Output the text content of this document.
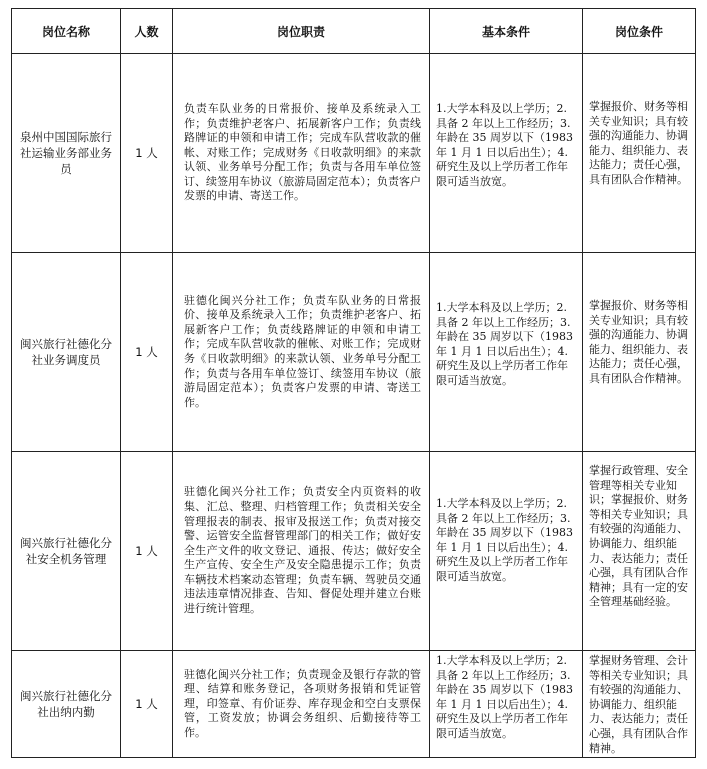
岗位名称	人数	岗位职责	基本条件	岗位条件
泉州中国国际旅行社运输业务部业务员	1 人	负责车队业务的日常报价、接单及系统录入工作；负责维护老客户、拓展新客户工作；负责线路牌证的申领和申请工作；完成车队营收款的催帐、对账工作；完成财务《日收款明细》的来款认领、业务单号分配工作；负责与各用车单位签订、续签用车协议（旅游局固定范本）；负责客户发票的申请、寄送工作。	1.大学本科及以上学历；2.具备 2 年以上工作经历；3.年龄在 35 周岁以下（1983 年 1 月 1 日以后出生）；4.研究生及以上学历者工作年限可适当放宽。	掌握报价、财务等相关专业知识；具有较强的沟通能力、协调能力、组织能力、表达能力；责任心强，具有团队合作精神。

闽兴旅行社德化分社业务调度员	1 人	驻德化闽兴分社工作；负责车队业务的日常报价、接单及系统录入工作；负责维护老客户、拓展新客户工作；负责线路牌证的申领和申请工作；完成车队营收款的催帐、对账工作；完成财务《日收款明细》的来款认领、业务单号分配工作；负责与各用车单位签订、续签用车协议（旅游局固定范本）；负责客户发票的申请、寄送工作。	1.大学本科及以上学历；2.具备 2 年以上工作经历；3.年龄在 35 周岁以下（1983 年 1 月 1 日以后出生）；4.研究生及以上学历者工作年限可适当放宽。	掌握报价、财务等相关专业知识；具有较强的沟通能力、协调能力、组织能力、表达能力；责任心强，具有团队合作精神。

闽兴旅行社德化分社安全机务管理	1 人	驻德化闽兴分社工作；负责安全内页资料的收集、汇总、整理、归档管理工作；负责相关安全管理报表的制表、报审及报送工作；负责对接交警、运管安全监督管理部门的相关工作；做好安全生产文件的收文登记、通报、传达；做好安全生产宣传、安全生产及安全隐患提示工作；负责车辆技术档案动态管理；负责车辆、驾驶员交通违法违章情况排查、告知、督促处理并建立台账进行统计管理。	1.大学本科及以上学历；2.具备 2 年以上工作经历；3.年龄在 35 周岁以下（1983 年 1 月 1 日以后出生）；4.研究生及以上学历者工作年限可适当放宽。	掌握行政管理、安全管理等相关专业知识；掌握报价、财务等相关专业知识；具有较强的沟通能力、协调能力、组织能力、表达能力；责任心强，具有团队合作精神；具有一定的安全管理基础经验。

闽兴旅行社德化分社出纳内勤	1 人	驻德化闽兴分社工作；负责现金及银行存款的管理、结算和账务登记，各项财务报销和凭证管理，印签章、有价证券、库存现金和空白支票保管，工资发放；协调会务组织、后勤接待等工作。	1.大学本科及以上学历；2.具备 2 年以上工作经历；3.年龄在 35 周岁以下（1983 年 1 月 1 日以后出生）；4.研究生及以上学历者工作年限可适当放宽。	掌握财务管理、会计等相关专业知识；具有较强的沟通能力、协调能力、组织能力、表达能力；责任心强，具有团队合作精神。
